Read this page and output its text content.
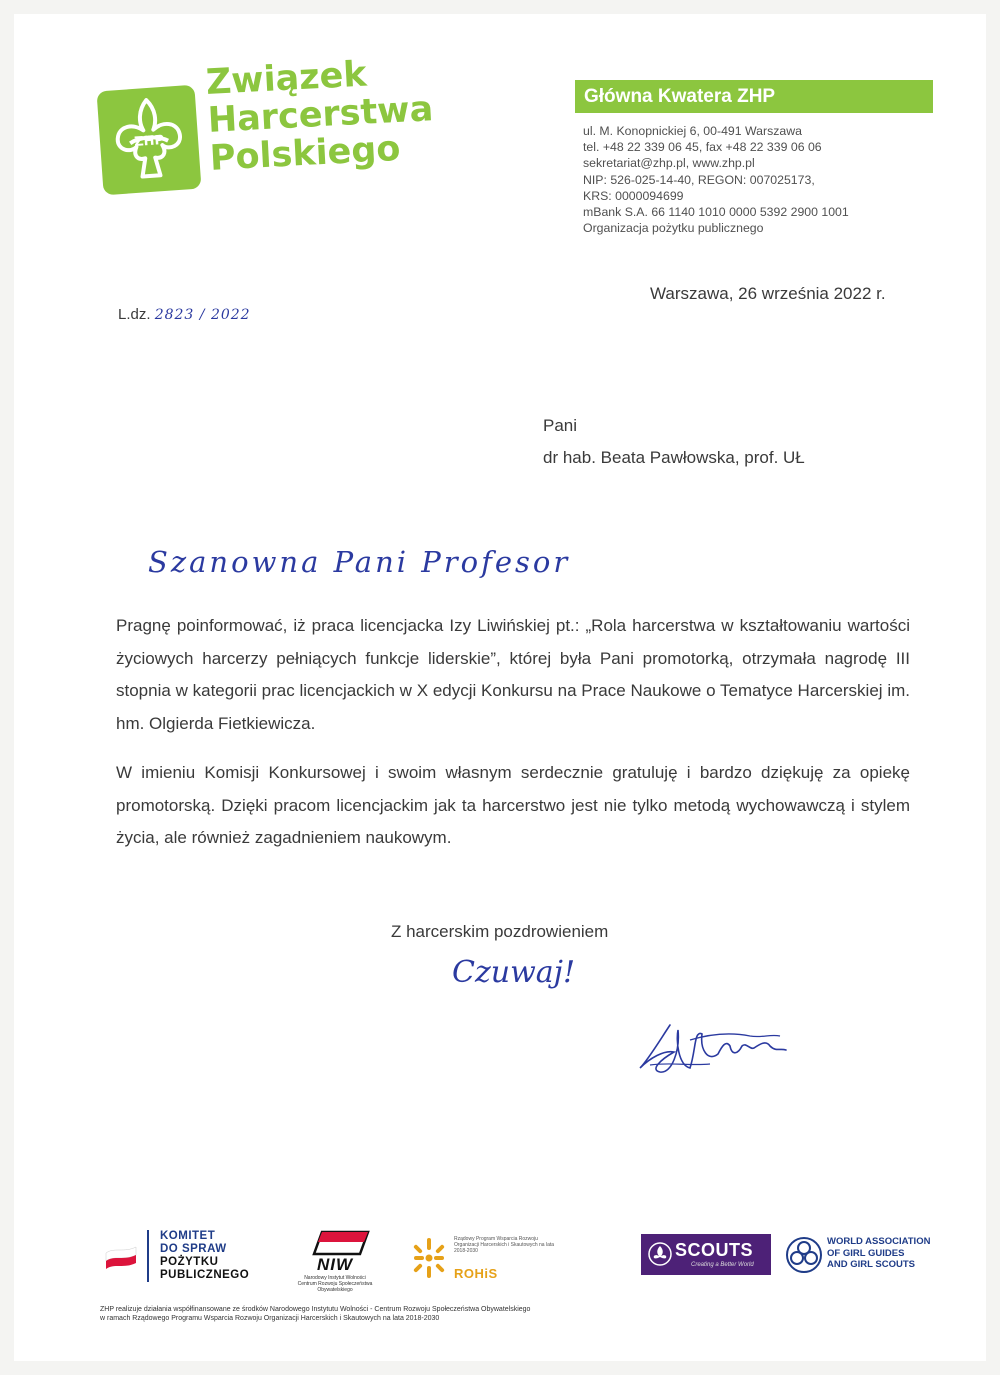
ZHP
Związek
Harcerstwa
Polskiego
Główna Kwatera ZHP
ul. M. Konopnickiej 6, 00-491 Warszawa
tel. +48 22 339 06 45, fax +48 22 339 06 06
sekretariat@zhp.pl, www.zhp.pl
NIP: 526-025-14-40, REGON: 007025173,
KRS: 0000094699
mBank S.A. 66 1140 1010 0000 5392 2900 1001
Organizacja pożytku publicznego
L.dz. 2823 / 2022
Warszawa, 26 września 2022 r.
Pani
dr hab. Beata Pawłowska, prof. UŁ
Szanowna Pani Profesor
Pragnę poinformować, iż praca licencjacka Izy Liwińskiej pt.: „Rola harcerstwa w kształtowaniu wartości życiowych harcerzy pełniących funkcje liderskie”, której była Pani promotorką, otrzymała nagrodę III stopnia w kategorii prac licencjackich w X edycji Konkursu na Prace Naukowe o Tematyce Harcerskiej im. hm. Olgierda Fietkiewicza.
W imieniu Komisji Konkursowej i swoim własnym serdecznie gratuluję i bardzo dziękuję za opiekę promotorską. Dzięki pracom licencjackim jak ta harcerstwo jest nie tylko metodą wychowawczą i stylem życia, ale również zagadnieniem naukowym.
Z harcerskim pozdrowieniem
Czuwaj!
KOMITET
DO SPRAW
POŻYTKU
PUBLICZNEGO
NIW
Narodowy Instytut Wolności
Centrum Rozwoju Społeczeństwa Obywatelskiego
Rządowy Program Wsparcia Rozwoju Organizacji Harcerskich i Skautowych na lata 2018-2030
ROHiS
SCOUTS
Creating a Better World
WORLD ASSOCIATION
OF GIRL GUIDES
AND GIRL SCOUTS
ZHP realizuje działania współfinansowane ze środków Narodowego Instytutu Wolności - Centrum Rozwoju Społeczeństwa Obywatelskiego
w ramach Rządowego Programu Wsparcia Rozwoju Organizacji Harcerskich i Skautowych na lata 2018-2030
